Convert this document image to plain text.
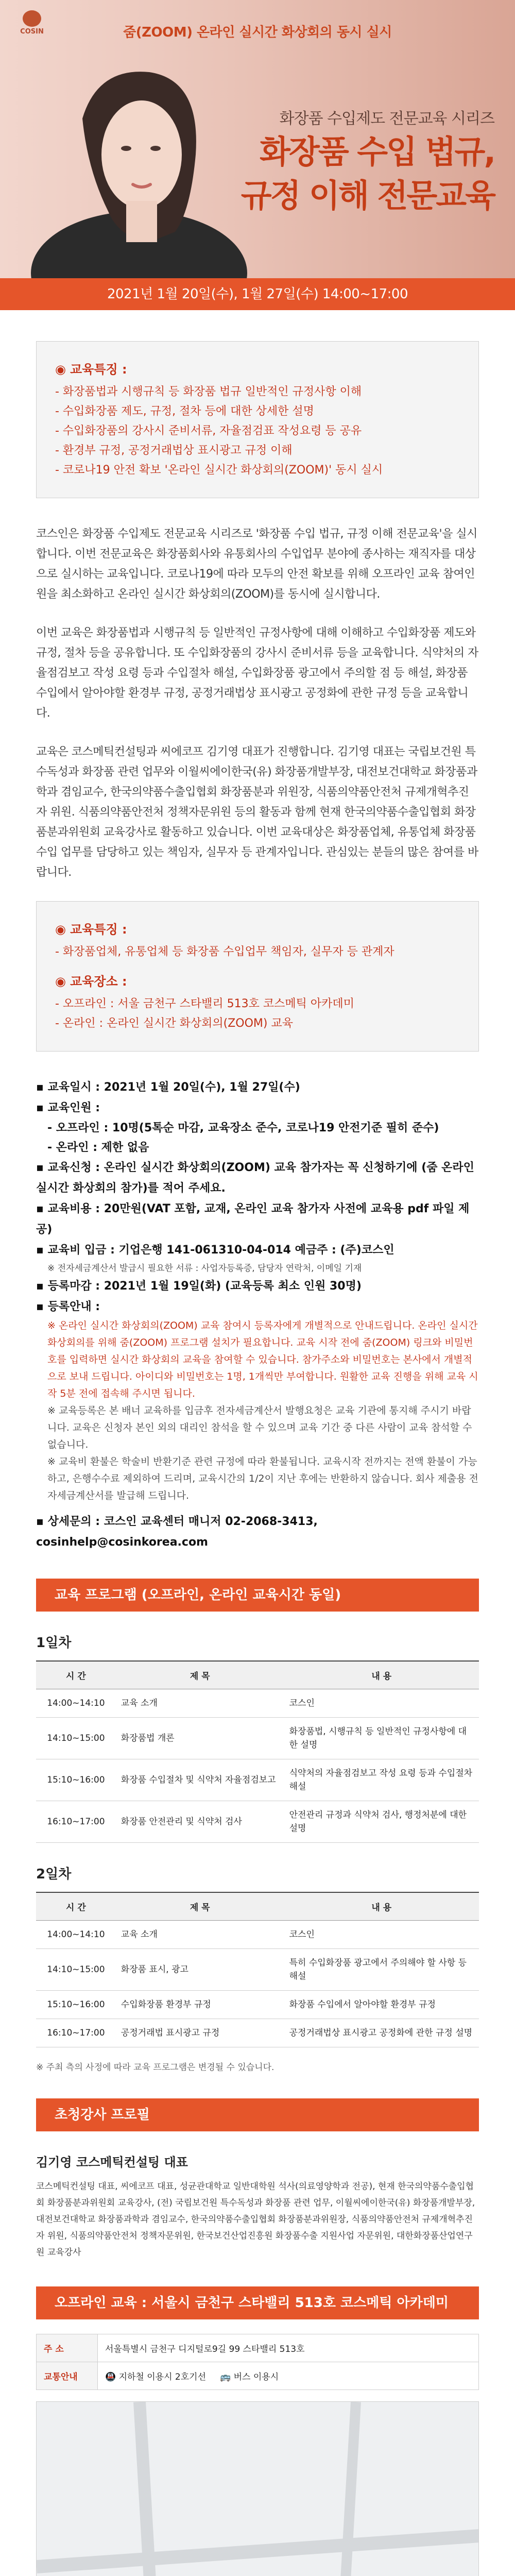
COSIN	줌(ZOOM) 온라인 실시간 화상회의 동시 실시
화장품 수입제도 전문교육 시리즈
화장품 수입 법규,
규정 이해 전문교육
2021년 1월 20일(수), 1월 27일(수) 14:00~17:00
◉ 교육특징 :
- 화장품법과 시행규칙 등 화장품 법규 일반적인 규정사항 이해
- 수입화장품 제도, 규정, 절차 등에 대한 상세한 설명
- 수입화장품의 강사시 준비서류, 자율점검표 작성요령 등 공유
- 환경부 규정, 공정거래법상 표시광고 규정 이해
- 코로나19 안전 확보 '온라인 실시간 화상회의(ZOOM)' 동시 실시

코스인은 화장품 수입제도 전문교육 시리즈로 '화장품 수입 법규, 규정 이해 전문교육'을 실시합니다. 이번 전문교육은 화장품회사와 유통회사의 수입업무 분야에 종사하는 재직자를 대상으로 실시하는 교육입니다. 코로나19에 따라 모두의 안전 확보를 위해 오프라인 교육 참여인원을 최소화하고 온라인 실시간 화상회의(ZOOM)를 동시에 실시합니다.

이번 교육은 화장품법과 시행규칙 등 일반적인 규정사항에 대해 이해하고 수입화장품 제도와 규정, 절차 등을 공유합니다. 또 수입화장품의 강사시 준비서류 등을 교육합니다. 식약처의 자율점검보고 작성 요령 등과 수입절차 해설, 수입화장품 광고에서 주의할 점 등 해설, 화장품 수입에서 알아야할 환경부 규정, 공정거래법상 표시광고 공정화에 관한 규정 등을 교육합니다.

교육은 코스메틱컨설팅과 씨에코프 김기영 대표가 진행합니다. 김기영 대표는 국립보건원 특수독성과 화장품 관련 업무와 이월씨에이한국(유) 화장품개발부장, 대전보건대학교 화장품과학과 겸임교수, 한국의약품수출입협회 화장품분과 위원장, 식품의약품안전처 규제개혁추진자 위원. 식품의약품안전처 정책자문위원 등의 활동과 함께 현재 한국의약품수출입협회 화장품분과위원회 교육강사로 활동하고 있습니다. 이번 교육대상은 화장품업체, 유통업체 화장품 수입 업무를 담당하고 있는 책임자, 실무자 등 관계자입니다. 관심있는 분들의 많은 참여를 바랍니다.

◉ 교육특징 :
- 화장품업체, 유통업체 등 화장품 수입업무 책임자, 실무자 등 관계자
◉ 교육장소 :
- 오프라인 : 서울 금천구 스타밸리 513호 코스메틱 아카데미
- 온라인 : 온라인 실시간 화상회의(ZOOM) 교육
▪ 교육일시 : 2021년 1월 20일(수), 1월 27일(수)
▪ 교육인원 :
- 오프라인 : 10명(5톡순 마감, 교육장소 준수, 코로나19 안전기준 필히 준수)
- 온라인 : 제한 없음
▪ 교육신청 : 온라인 실시간 화상회의(ZOOM) 교육 참가자는 꼭 신청하기에 (줌 온라인 실시간 화상회의 참가)를 적어 주세요.
▪ 교육비용 : 20만원(VAT 포함, 교재, 온라인 교육 참가자 사전에 교육용 pdf 파일 제공)
▪ 교육비 입금 : 기업은행 141-061310-04-014 예금주 : (주)코스인
※ 전자세금계산서 발급시 필요한 서류 : 사업자등록증, 담당자 연락처, 이메일 기재
▪ 등록마감 : 2021년 1월 19일(화) (교육등록 최소 인원 30명)
▪ 등록안내 :
※ 온라인 실시간 화상회의(ZOOM) 교육 참여시 등록자에게 개별적으로 안내드립니다. 온라인 실시간 화상회의를 위해 줌(ZOOM) 프로그램 설치가 필요합니다. 교육 시작 전에 줌(ZOOM) 링크와 비밀번호를 입력하면 실시간 화상회의 교육을 참여할 수 있습니다. 참가주소와 비밀번호는 본사에서 개별적으로 보내 드립니다. 아이디와 비밀번호는 1명, 1개씩만 부여합니다. 원활한 교육 진행을 위해 교육 시작 5분 전에 접속해 주시면 됩니다.
※ 교육등록은 본 배너 교육하를 입금후 전자세금계산서 발행요청은 교육 기관에 통지해 주시기 바랍니다. 교육은 신청자 본인 외의 대리인 참석을 할 수 있으며 교육 기간 중 다른 사람이 교육 참석할 수 없습니다.
※ 교육비 환불은 학술비 반환기준 관련 규정에 따라 환불됩니다. 교육시작 전까지는 전액 환불이 가능하고, 은행수수료 제외하여 드리며, 교육시간의 1/2이 지난 후에는 반환하지 않습니다. 회사 제출용 전자세금계산서를 발급해 드립니다.
▪ 상세문의 : 코스인 교육센터 매니저 02-2068-3413, cosinhelp@cosinkorea.com
교육 프로그램 (오프라인, 온라인 교육시간 동일)
1일차
시 간	제 목	내 용
14:00~14:10	교육 소개	코스인
14:10~15:00	화장품법 개론	화장품법, 시행규칙 등 일반적인 규정사항에 대한 설명
15:10~16:00	화장품 수입절차 및 식약처 자율점검보고	식약처의 자율점검보고 작성 요령 등과 수입절차 해설
16:10~17:00	화장품 안전관리 및 식약처 검사	안전관리 규정과 식약처 검사, 행정처분에 대한 설명
2일차
시 간	제 목	내 용
14:00~14:10	교육 소개	코스인
14:10~15:00	화장품 표시, 광고	특히 수입화장품 광고에서 주의해야 할 사항 등 해설
15:10~16:00	수입화장품 환경부 규정	화장품 수입에서 알아야할 환경부 규정
16:10~17:00	공정거래법 표시광고 규정	공정거래법상 표시광고 공정화에 관한 규정 설명
※ 주최 측의 사정에 따라 교육 프로그램은 변경될 수 있습니다.
초청강사 프로필
김기영 코스메틱컨설팅 대표
코스메틱컨설팅 대표, 씨에코프 대표, 성균관대학교 일반대학원 석사(의료영양학과 전공), 현재 한국의약품수출입협회 화장품분과위원회 교육강사, (전) 국립보건원 특수독성과 화장품 관련 업무, 이월씨에이한국(유) 화장품개발부장, 대전보건대학교 화장품과학과 겸임교수, 한국의약품수출입협회 화장품분과위원장, 식품의약품안전처 규제개혁추진자 위원, 식품의약품안전처 정책자문위원, 한국보건산업진흥원 화장품수출 지원사업 자문위원, 대한화장품산업연구원 교육강사
오프라인 교육 : 서울시 금천구 스타밸리 513호 코스메틱 아카데미
주 소	서울특별시 금천구 디지털로9길 99 스타밸리 513호
교통안내	🚇 지하철 이용시 2호기선 🚌 버스 이용시
